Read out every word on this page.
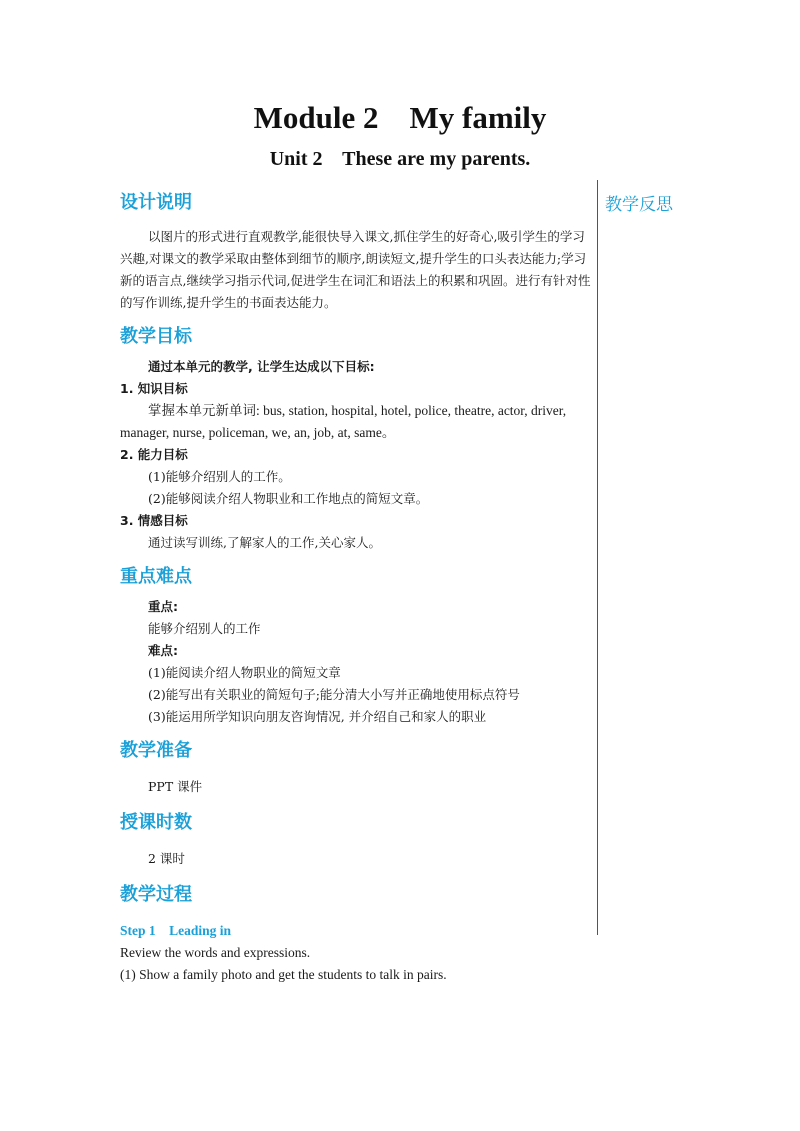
Module 2    My family
Unit 2    These are my parents.
教学反思
设计说明

以图片的形式进行直观教学,能很快导入课文,抓住学生的好奇心,吸引学生的学习兴趣,对课文的教学采取由整体到细节的顺序,朗读短文,提升学生的口头表达能力;学习新的语言点,继续学习指示代词,促进学生在词汇和语法上的积累和巩固。进行有针对性的写作训练,提升学生的书面表达能力。

教学目标

通过本单元的教学, 让学生达成以下目标:

1. 知识目标

掌握本单元新单词: bus, station, hospital, hotel, police, theatre, actor, driver, manager, nurse, policeman, we, an, job, at, same。

2. 能力目标

(1)能够介绍别人的工作。

(2)能够阅读介绍人物职业和工作地点的简短文章。

3. 情感目标

通过读写训练,了解家人的工作,关心家人。

重点难点

重点:

能够介绍别人的工作

难点:

(1)能阅读介绍人物职业的简短文章

(2)能写出有关职业的简短句子;能分清大小写并正确地使用标点符号

(3)能运用所学知识向朋友咨询情况, 并介绍自己和家人的职业

教学准备

PPT 课件

授课时数

2 课时

教学过程

Step 1    Leading in

Review the words and expressions.

(1) Show a family photo and get the students to talk in pairs.
